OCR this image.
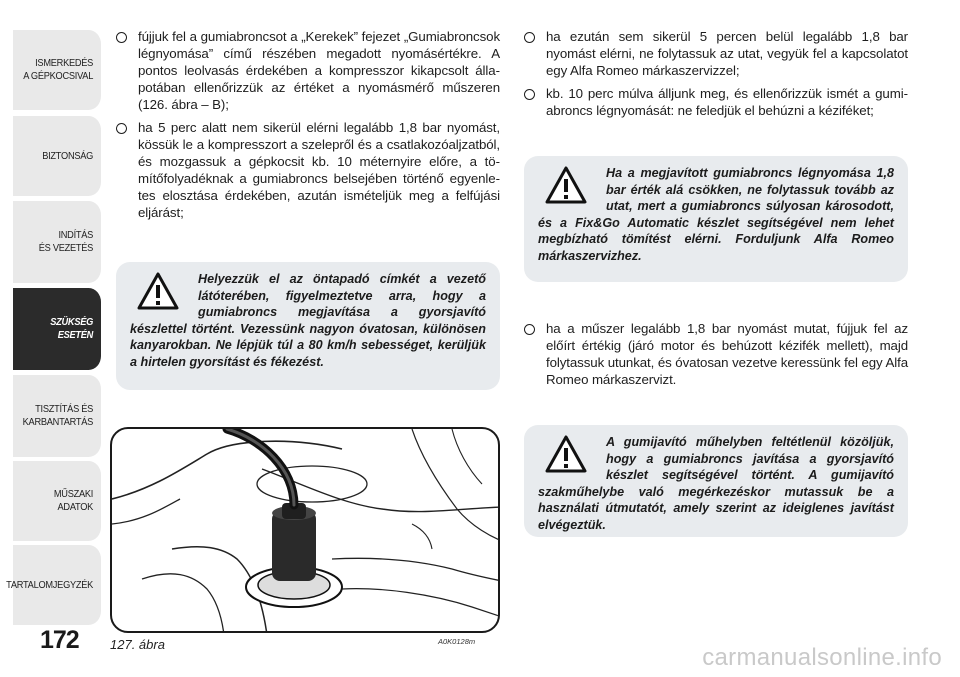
ISMERKEDÉS
A GÉPKOCSIVAL
BIZTONSÁG
INDÍTÁS
ÉS VEZETÉS
SZÜKSÉG
ESETÉN
TISZTÍTÁS ÉS
KARBANTARTÁS
MŰSZAKI
ADATOK
TARTALOMJEGYZÉK
172

fújjuk fel a gumiabroncsot a „Kerekek” fejezet „Gumiabroncsok légnyomása” című részében megadott nyomásértékre. A pontos leolvasás érdekében a kompresszor kikapcsolt állapotában ellenőrizzük az értéket a nyomásmérő műszeren (126. ábra – B);

ha 5 perc alatt nem sikerül elérni legalább 1,8 bar nyomást, kössük le a kompresszort a szelepről és a csatlakozóaljzatból, és mozgassuk a gépkocsit kb. 10 méternyire előre, a tömítőfolyadéknak a gumiabroncs belsejében történő egyenletes elosztása érdekében, azután ismételjük meg a felfújási eljárást;

Helyezzük el az öntapadó címkét a vezető látóterében, figyelmeztetve arra, hogy a gumiabroncs megjavítása a gyorsjavító készlettel történt. Vezessünk nagyon óvatosan, különösen kanyarokban. Ne lépjük túl a 80 km/h sebességet, kerüljük a hirtelen gyorsítást és fékezést.
127. ábra	A0K0128m

ha ezután sem sikerül 5 percen belül legalább 1,8 bar nyomást elérni, ne folytassuk az utat, vegyük fel a kapcsolatot egy Alfa Romeo márkaszervizzel;

kb. 10 perc múlva álljunk meg, és ellenőrizzük ismét a gumiabroncs légnyomását: ne feledjük el behúzni a kéziféket;

Ha a megjavított gumiabroncs légnyomása 1,8 bar érték alá csökken, ne folytassuk tovább az utat, mert a gumiabroncs súlyosan károsodott, és a Fix&Go Automatic készlet segítségével nem lehet megbízható tömítést elérni. Forduljunk Alfa Romeo márkaszervizhez.

ha a műszer legalább 1,8 bar nyomást mutat, fújjuk fel az előírt értékig (járó motor és behúzott kézifék mellett), majd folytassuk utunkat, és óvatosan vezetve keressünk fel egy Alfa Romeo márkaszervizt.

A gumijavító műhelyben feltétlenül közöljük, hogy a gumiabroncs javítása a gyorsjavító készlet segítségével történt. A gumijavító szakműhelybe való megérkezéskor mutassuk be a használati útmutatót, amely szerint az ideiglenes javítást elvégeztük.
carmanualsonline.info
